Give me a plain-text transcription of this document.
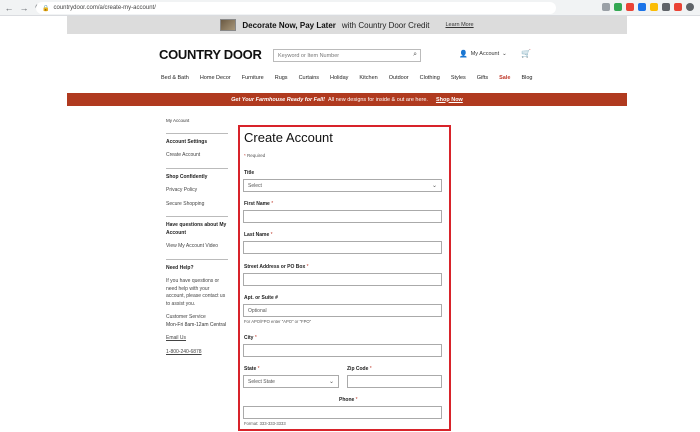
← → 🔒 countrydoor.com/a/create-my-account/
Decorate Now, Pay Later with Country Door Credit	Learn More
COUNTRY DOOR	Keyword or Item Number	⌕	👤 My Account ⌄ 🛒
Bed & Bath Home Decor Furniture Rugs Curtains Holiday Kitchen Outdoor Clothing Styles Gifts Sale Blog
Get Your Farmhouse Ready for Fall! All new designs for inside & out are here. Shop Now
My Account
Account Settings
Create Account
Shop Confidently
Privacy Policy
Secure Shopping
Have questions about My Account
View My Account Video
Need Help?
If you have questions or need help with your account, please contact us to assist you.
Customer Service
Mon-Fri 8am-12am Central
Email Us
1-800-240-6878
Create Account
* Required
Title
Select	⌄
First Name *
Last Name *
Street Address or PO Box *
Apt. or Suite #
Optional
For APO/FPO enter "APO" or "FPO"
City *
State *
Select State	⌄
Zip Code *
Phone *
Format: 333-333-3333
